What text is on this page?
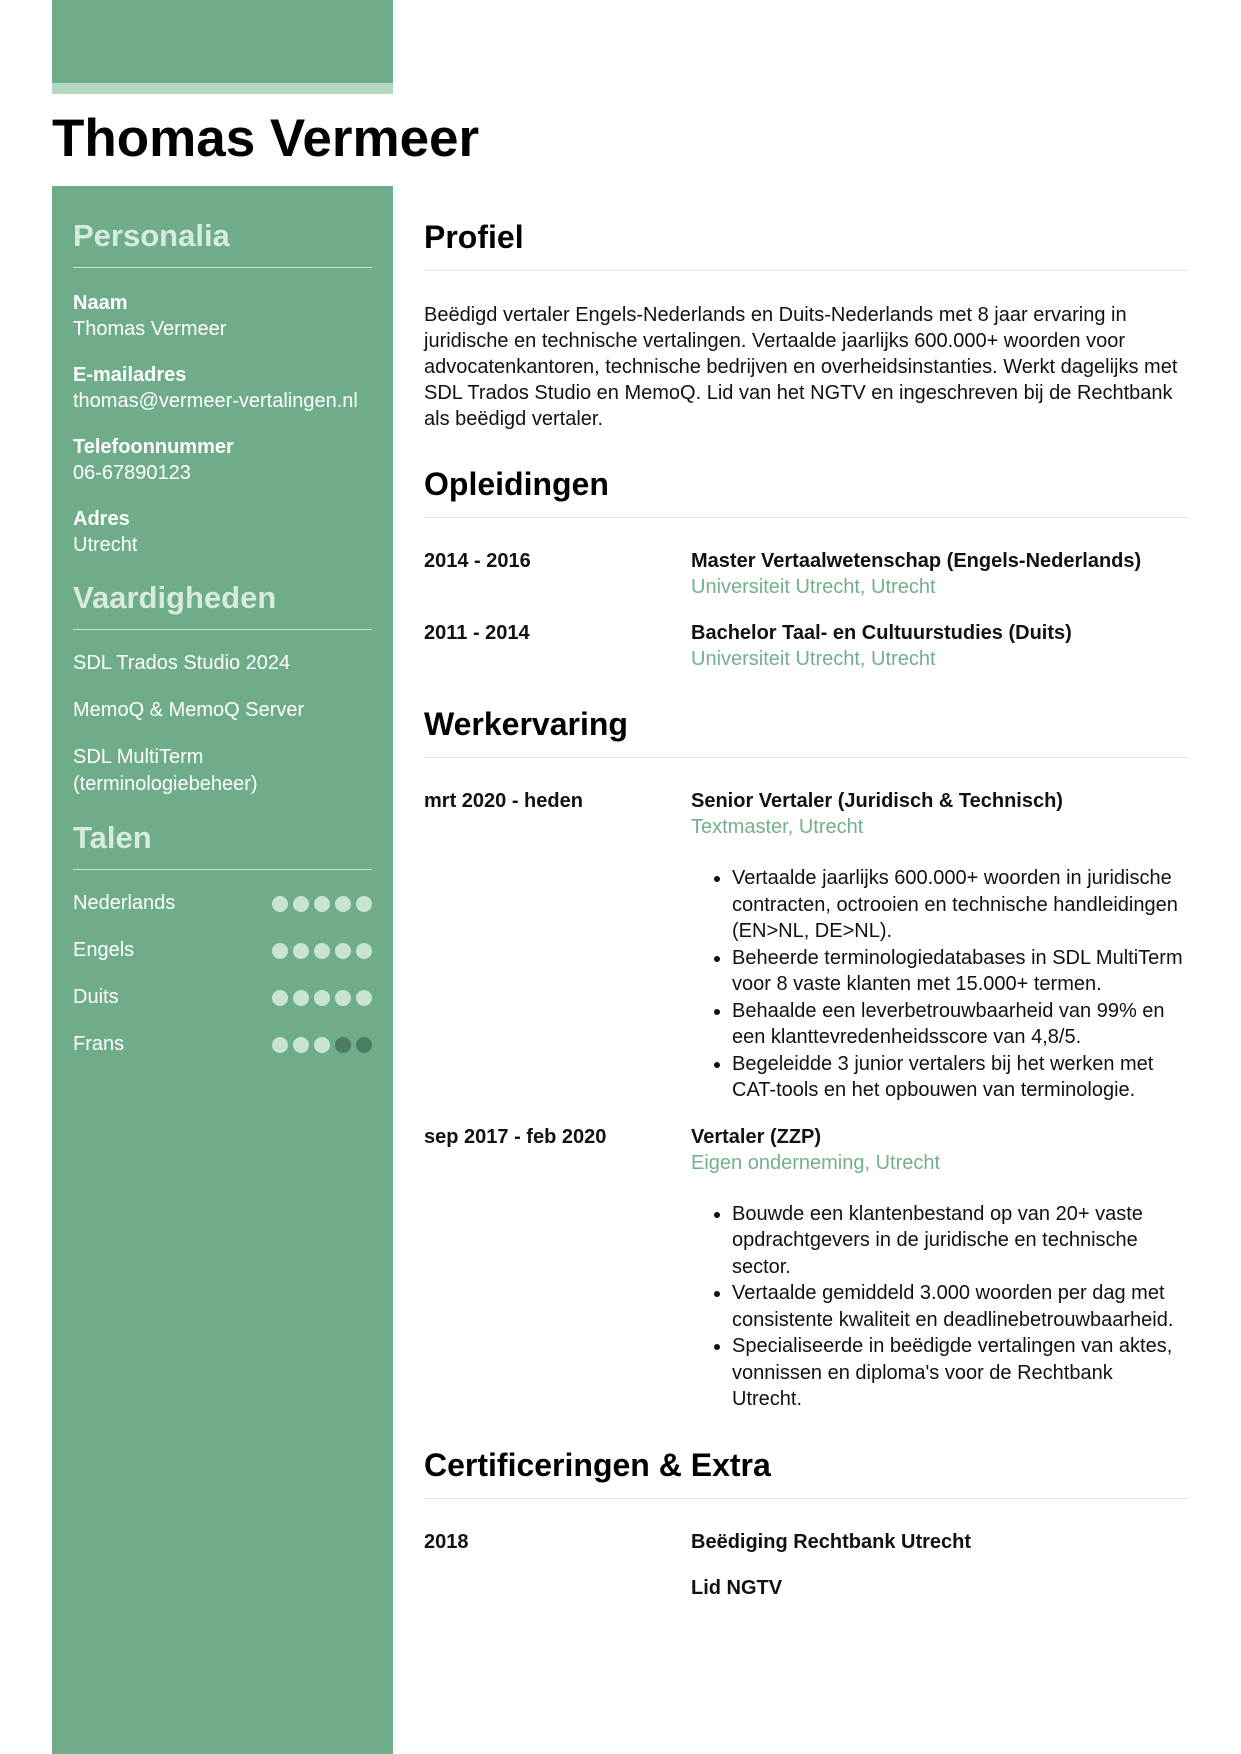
Thomas Vermeer
Personalia
Naam
Thomas Vermeer
E-mailadres
thomas@vermeer-vertalingen.nl
Telefoonnummer
06-67890123
Adres
Utrecht
Vaardigheden
SDL Trados Studio 2024
MemoQ & MemoQ Server
SDL MultiTerm (terminologiebeheer)
Talen
Nederlands
Engels
Duits
Frans
Profiel

Beëdigd vertaler Engels-Nederlands en Duits-Nederlands met 8 jaar ervaring in juridische en technische vertalingen. Vertaalde jaarlijks 600.000+ woorden voor advocatenkantoren, technische bedrijven en overheidsinstanties. Werkt dagelijks met SDL Trados Studio en MemoQ. Lid van het NGTV en ingeschreven bij de Rechtbank als beëdigd vertaler.

Opleidingen
2014 - 2016	Master Vertaalwetenschap (Engels-Nederlands)
Universiteit Utrecht, Utrecht
2011 - 2014	Bachelor Taal- en Cultuurstudies (Duits)
Universiteit Utrecht, Utrecht
Werkervaring
mrt 2020 - heden	Senior Vertaler (Juridisch & Technisch)
Textmaster, Utrecht
• Vertaalde jaarlijks 600.000+ woorden in juridische contracten, octrooien en technische handleidingen (EN>NL, DE>NL).
• Beheerde terminologiedatabases in SDL MultiTerm voor 8 vaste klanten met 15.000+ termen.
• Behaalde een leverbetrouwbaarheid van 99% en een klanttevredenheidsscore van 4,8/5.
• Begeleidde 3 junior vertalers bij het werken met CAT-tools en het opbouwen van terminologie.
sep 2017 - feb 2020	Vertaler (ZZP)
Eigen onderneming, Utrecht
• Bouwde een klantenbestand op van 20+ vaste opdrachtgevers in de juridische en technische sector.
• Vertaalde gemiddeld 3.000 woorden per dag met consistente kwaliteit en deadlinebetrouwbaarheid.
• Specialiseerde in beëdigde vertalingen van aktes, vonnissen en diploma's voor de Rechtbank Utrecht.
Certificeringen & Extra
2018	Beëdiging Rechtbank Utrecht
Lid NGTV
